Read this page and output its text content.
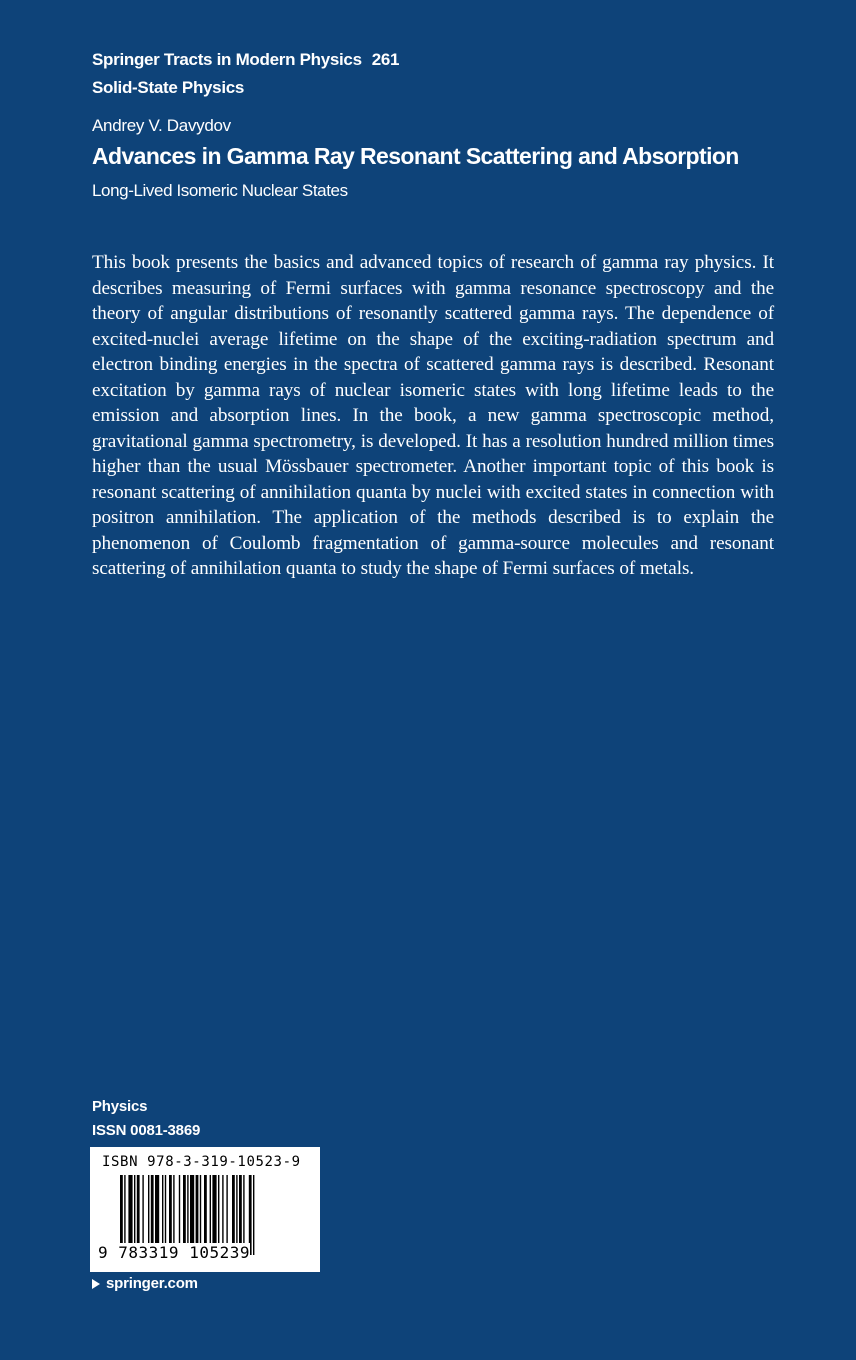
Springer Tracts in Modern Physics 261
Solid-State Physics
Andrey V. Davydov
Advances in Gamma Ray Resonant Scattering and Absorption
Long-Lived Isomeric Nuclear States
This book presents the basics and advanced topics of research of gamma ray physics. It describes measuring of Fermi surfaces with gamma resonance spectroscopy and the theory of angular distributions of resonantly scattered gamma rays. The dependence of excited-nuclei average lifetime on the shape of the exciting-radiation spectrum and electron binding energies in the spectra of scattered gamma rays is described. Resonant excitation by gamma rays of nuclear isomeric states with long lifetime leads to the emission and absorption lines. In the book, a new gamma spectroscopic method, gravitational gamma spectrometry, is developed. It has a resolution hundred million times higher than the usual Mössbauer spectrometer. Another important topic of this book is resonant scattering of annihilation quanta by nuclei with excited states in connection with positron annihilation. The application of the methods described is to explain the phenomenon of Coulomb fragmentation of gamma-source molecules and resonant scattering of annihilation quanta to study the shape of Fermi surfaces of metals.
Physics
ISSN 0081-3869
ISBN 978-3-319-10523-9
9 783319 105239
springer.com
